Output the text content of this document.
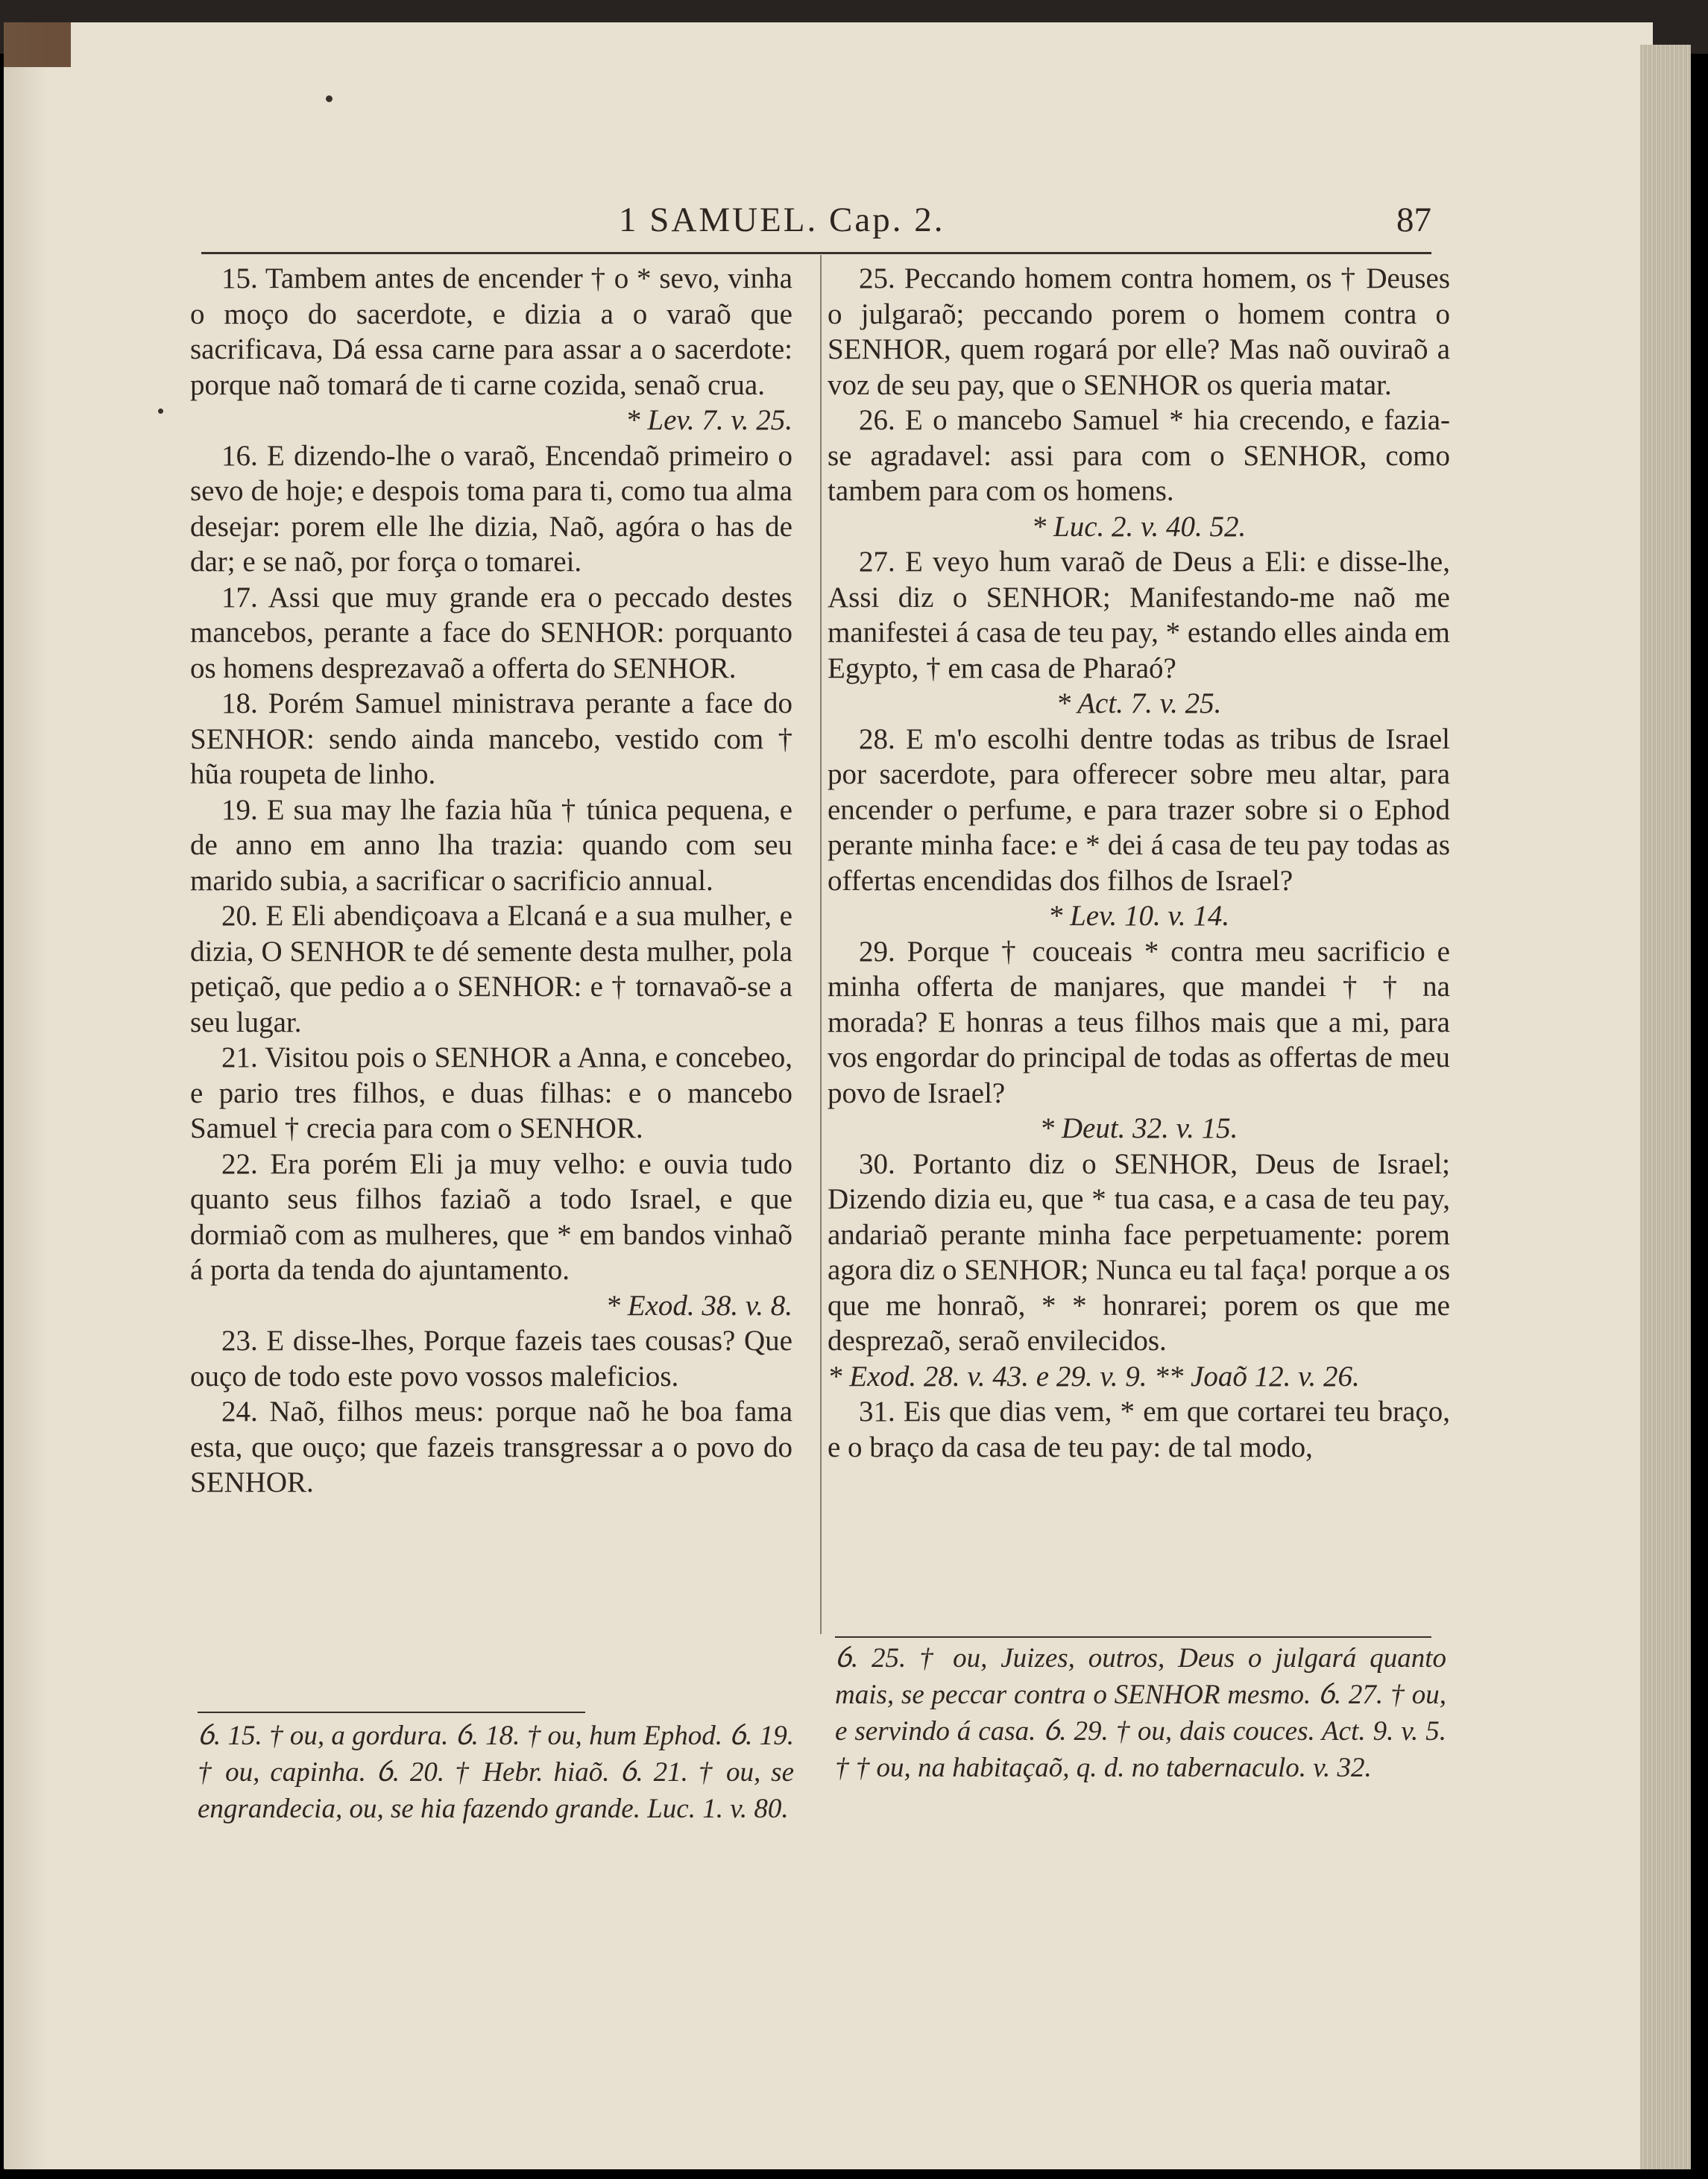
1 SAMUEL. Cap. 2.	87

15. Tambem antes de encender † o * sevo, vinha o moço do sacerdote, e dizia a o varaõ que sacrificava, Dá essa carne para assar a o sacerdote: porque naõ tomará de ti carne cozida, senaõ crua.

* Lev. 7. v. 25.

16. E dizendo-lhe o varaõ, Encendaõ primeiro o sevo de hoje; e despois toma para ti, como tua alma desejar: porem elle lhe dizia, Naõ, agóra o has de dar; e se naõ, por força o tomarei.

17. Assi que muy grande era o peccado destes mancebos, perante a face do SENHOR: porquanto os homens desprezavaõ a offerta do SENHOR.

18. Porém Samuel ministrava perante a face do SENHOR: sendo ainda mancebo, vestido com † hũa roupeta de linho.

19. E sua may lhe fazia hũa † túnica pequena, e de anno em anno lha trazia: quando com seu marido subia, a sacrificar o sacrificio annual.

20. E Eli abendiçoava a Elcaná e a sua mulher, e dizia, O SENHOR te dé semente desta mulher, pola petiçaõ, que pedio a o SENHOR: e † tornavaõ-se a seu lugar.

21. Visitou pois o SENHOR a Anna, e concebeo, e pario tres filhos, e duas filhas: e o mancebo Samuel † crecia para com o SENHOR.

22. Era porém Eli ja muy velho: e ouvia tudo quanto seus filhos faziaõ a todo Israel, e que dormiaõ com as mulheres, que * em bandos vinhaõ á porta da tenda do ajuntamento.

* Exod. 38. v. 8.

23. E disse-lhes, Porque fazeis taes cousas? Que ouço de todo este povo vossos maleficios.

24. Naõ, filhos meus: porque naõ he boa fama esta, que ouço; que fazeis transgressar a o povo do SENHOR.

25. Peccando homem contra homem, os † Deuses o julgaraõ; peccando porem o homem contra o SENHOR, quem rogará por elle? Mas naõ ouviraõ a voz de seu pay, que o SENHOR os queria matar.

26. E o mancebo Samuel * hia crecendo, e fazia-se agradavel: assi para com o SENHOR, como tambem para com os homens.

* Luc. 2. v. 40. 52.

27. E veyo hum varaõ de Deus a Eli: e disse-lhe, Assi diz o SENHOR; Manifestando-me naõ me manifestei á casa de teu pay, * estando elles ainda em Egypto, † em casa de Pharaó?

* Act. 7. v. 25.

28. E m'o escolhi dentre todas as tribus de Israel por sacerdote, para offerecer sobre meu altar, para encender o perfume, e para trazer sobre si o Ephod perante minha face: e * dei á casa de teu pay todas as offertas encendidas dos filhos de Israel?

* Lev. 10. v. 14.

29. Porque † couceais * contra meu sacrificio e minha offerta de manjares, que mandei † † na morada? E honras a teus filhos mais que a mi, para vos engordar do principal de todas as offertas de meu povo de Israel?

* Deut. 32. v. 15.

30. Portanto diz o SENHOR, Deus de Israel; Dizendo dizia eu, que * tua casa, e a casa de teu pay, andariaõ perante minha face perpetuamente: porem agora diz o SENHOR; Nunca eu tal faça! porque a os que me honraõ, * * honrarei; porem os que me desprezaõ, seraõ envilecidos.

* Exod. 28. v. 43. e 29. v. 9. ** Joaõ 12. v. 26.

31. Eis que dias vem, * em que cortarei teu braço, e o braço da casa de teu pay: de tal modo,

ỽ. 15. † ou, a gordura. ỽ. 18. † ou, hum Ephod. ỽ. 19. † ou, capinha. ỽ. 20. † Hebr. hiaõ. ỽ. 21. † ou, se engrandecia, ou, se hia fazendo grande. Luc. 1. v. 80.
ỽ. 25. † ou, Juizes, outros, Deus o julgará quanto mais, se peccar contra o SENHOR mesmo. ỽ. 27. † ou, e servindo á casa. ỽ. 29. † ou, dais couces. Act. 9. v. 5. † † ou, na habitaçaõ, q. d. no tabernaculo. v. 32.
